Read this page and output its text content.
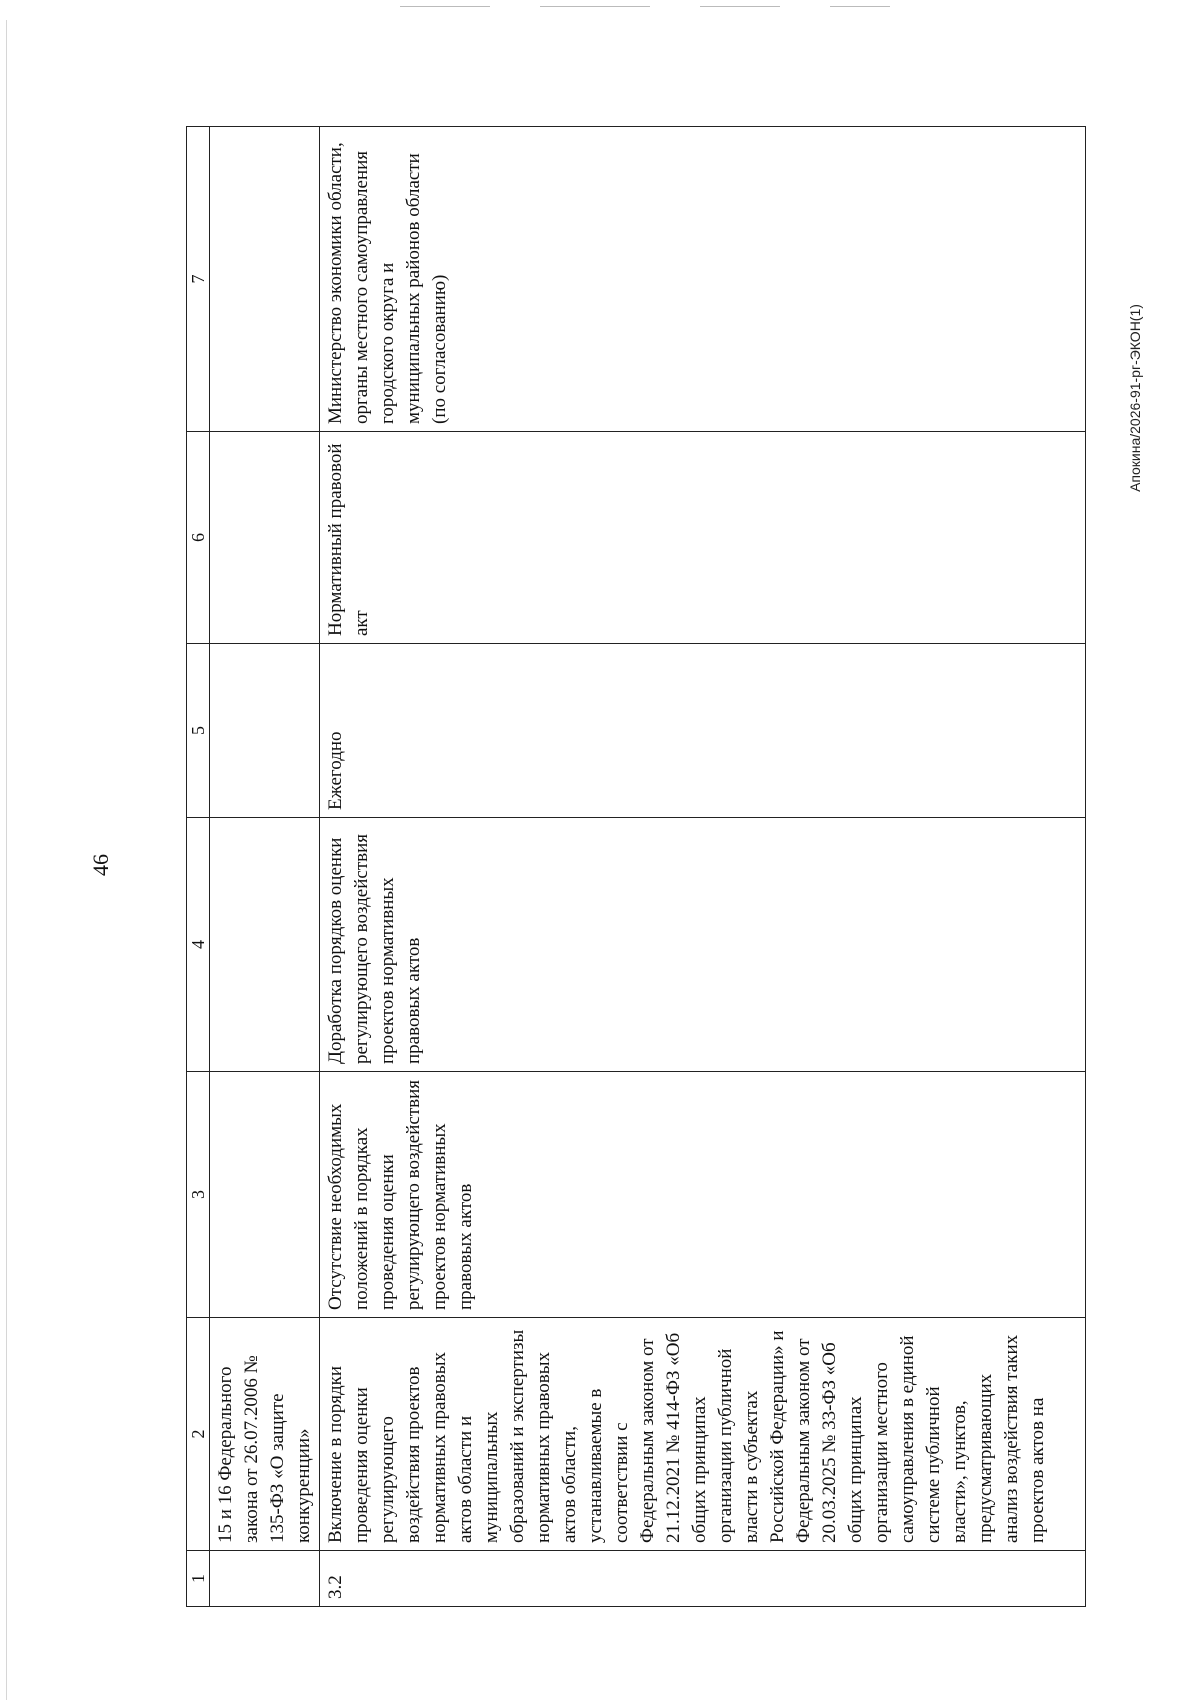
46
Апокина/2026-91-рг-ЭКОН(1)
1	2	3	4	5	6	7
	15 и 16 Федерального закона от 26.07.2006 № 135-ФЗ «О защите конкуренции»					
3.2	Включение в порядки проведения оценки регулирующего воздействия проектов нормативных правовых актов области и муниципальных образований и экспертизы нормативных правовых актов области, устанавливаемые в соответствии с Федеральным законом от 21.12.2021 № 414-ФЗ «Об общих принципах организации публичной власти в субъектах Российской Федерации» и Федеральным законом от 20.03.2025 № 33-ФЗ «Об общих принципах организации местного самоуправления в единой системе публичной власти», пунктов, предусматривающих анализ воздействия таких проектов актов на	Отсутствие необходимых положений в порядках проведения оценки регулирующего воздействия проектов нормативных правовых актов	Доработка порядков оценки регулирующего воздействия проектов нормативных правовых актов	Ежегодно	Нормативный правовой акт	Министерство экономики области, органы местного самоуправления городского округа и муниципальных районов области (по согласованию)
